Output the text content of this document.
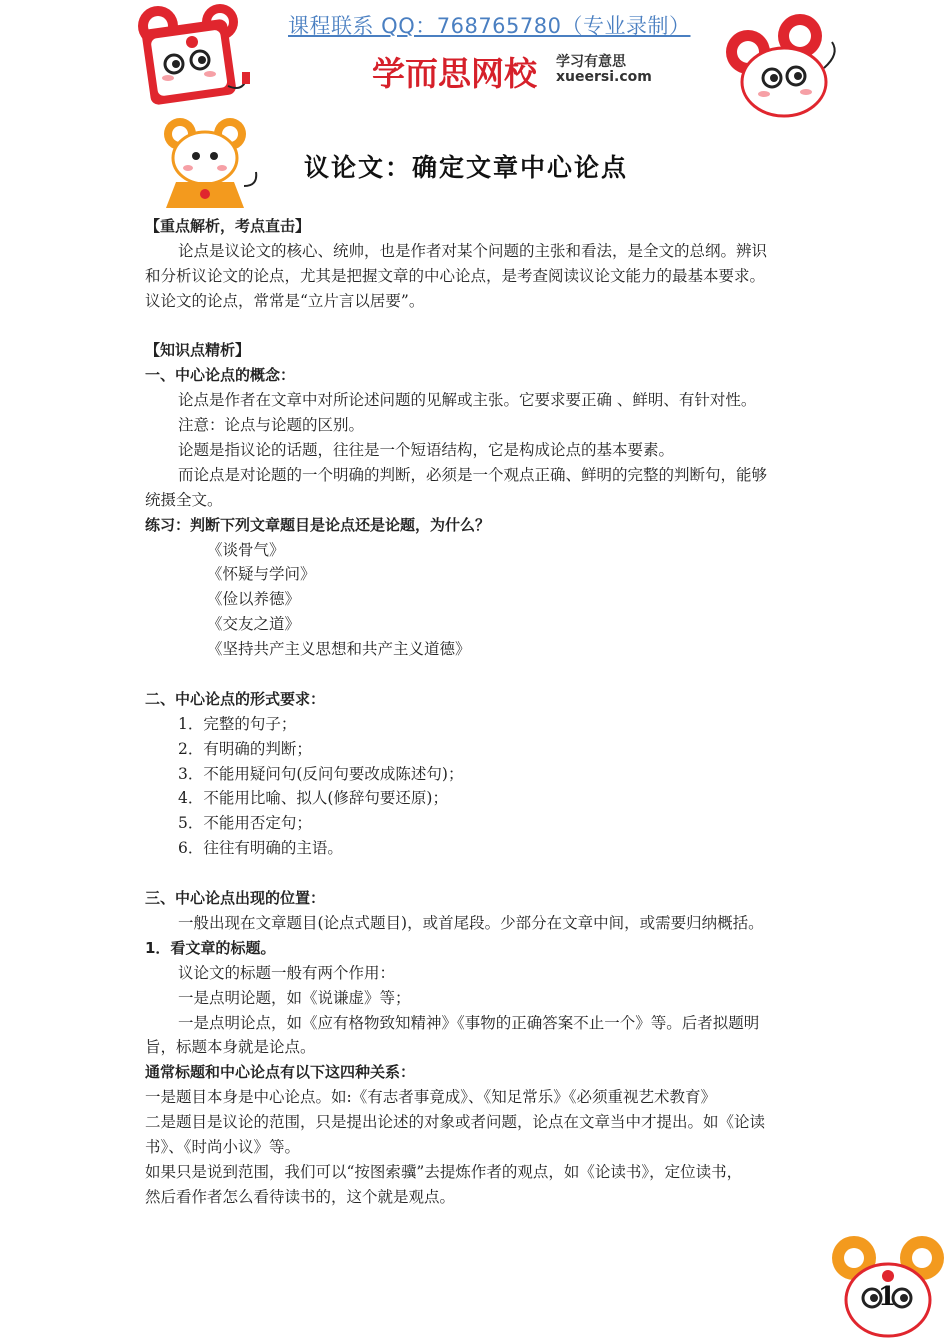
课程联系 QQ：768765780（专业录制）
学而思网校 学习有意思
xueersi.com
议论文：确定文章中心论点
【重点解析，考点直击】
论点是议论文的核心、统帅，也是作者对某个问题的主张和看法，是全文的总纲。辨识
和分析议论文的论点，尤其是把握文章的中心论点，是考查阅读议论文能力的最基本要求。
议论文的论点，常常是“立片言以居要”。
【知识点精析】
一、中心论点的概念：
论点是作者在文章中对所论述问题的见解或主张。它要求要正确 、鲜明、有针对性。
注意：论点与论题的区别。
论题是指议论的话题，往往是一个短语结构，它是构成论点的基本要素。
而论点是对论题的一个明确的判断，必须是一个观点正确、鲜明的完整的判断句，能够
统摄全文。
练习：判断下列文章题目是论点还是论题，为什么？
《谈骨气》
《怀疑与学问》
《俭以养德》
《交友之道》
《坚持共产主义思想和共产主义道德》
二、中心论点的形式要求：
1．完整的句子；
2．有明确的判断；
3．不能用疑问句(反问句要改成陈述句)；
4．不能用比喻、拟人(修辞句要还原)；
5．不能用否定句；
6．往往有明确的主语。
三、中心论点出现的位置：
一般出现在文章题目(论点式题目)，或首尾段。少部分在文章中间，或需要归纳概括。
1．看文章的标题。
议论文的标题一般有两个作用：
一是点明论题，如《说谦虚》等；
一是点明论点，如《应有格物致知精神》《事物的正确答案不止一个》等。后者拟题明
旨，标题本身就是论点。
通常标题和中心论点有以下这四种关系：
一是题目本身是中心论点。如:《有志者事竟成》、《知足常乐》《必须重视艺术教育》
二是题目是议论的范围，只是提出论述的对象或者问题，论点在文章当中才提出。如《论读
书》、《时尚小议》等。
如果只是说到范围，我们可以“按图索骥”去提炼作者的观点，如《论读书》，定位读书，
然后看作者怎么看待读书的，这个就是观点。
1
